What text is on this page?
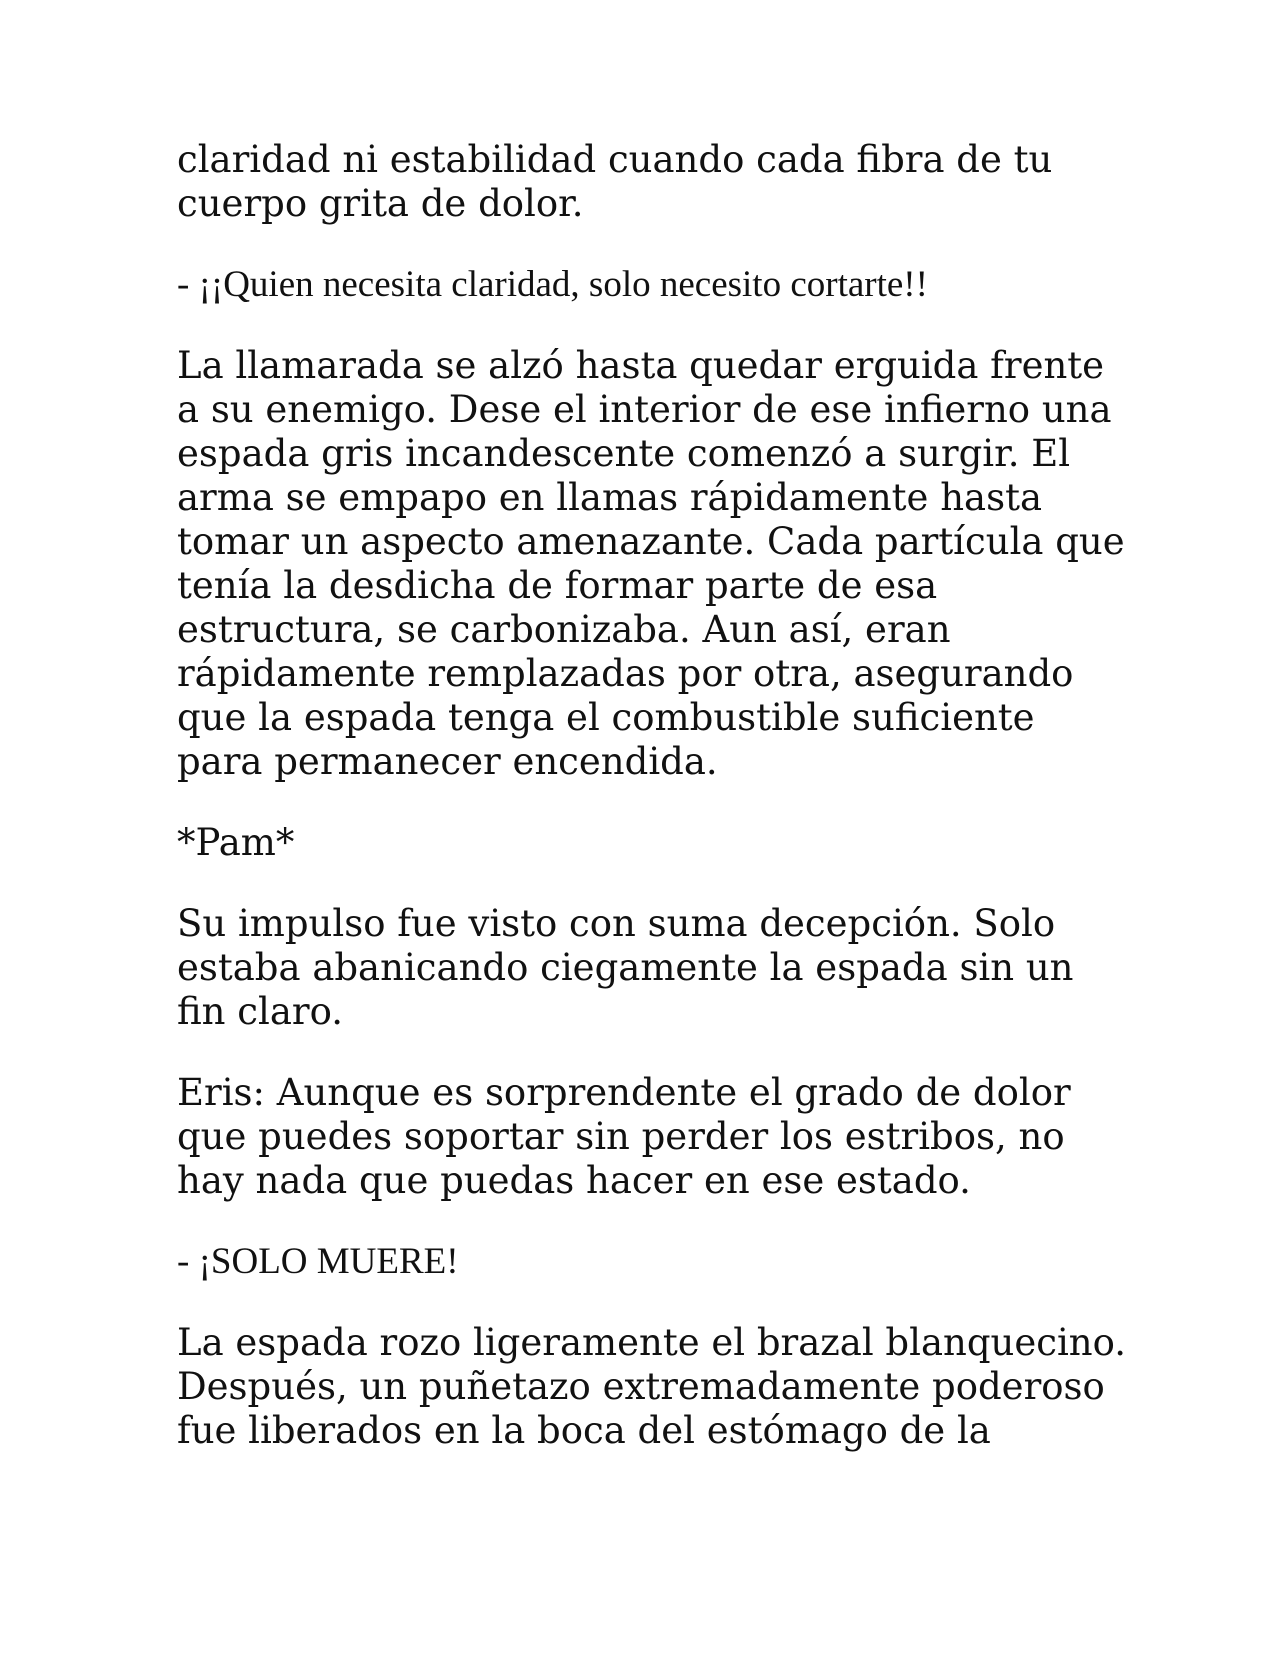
claridad ni estabilidad cuando cada fibra de tu
cuerpo grita de dolor.

- ¡¡Quien necesita claridad, solo necesito cortarte!!

La llamarada se alzó hasta quedar erguida frente
a su enemigo. Dese el interior de ese infierno una
espada gris incandescente comenzó a surgir. El
arma se empapo en llamas rápidamente hasta
tomar un aspecto amenazante. Cada partícula que
tenía la desdicha de formar parte de esa
estructura, se carbonizaba. Aun así, eran
rápidamente remplazadas por otra, asegurando
que la espada tenga el combustible suficiente
para permanecer encendida.

*Pam*

Su impulso fue visto con suma decepción. Solo
estaba abanicando ciegamente la espada sin un
fin claro.

Eris: Aunque es sorprendente el grado de dolor
que puedes soportar sin perder los estribos, no
hay nada que puedas hacer en ese estado.

- ¡SOLO MUERE!

La espada rozo ligeramente el brazal blanquecino.
Después, un puñetazo extremadamente poderoso
fue liberados en la boca del estómago de la
